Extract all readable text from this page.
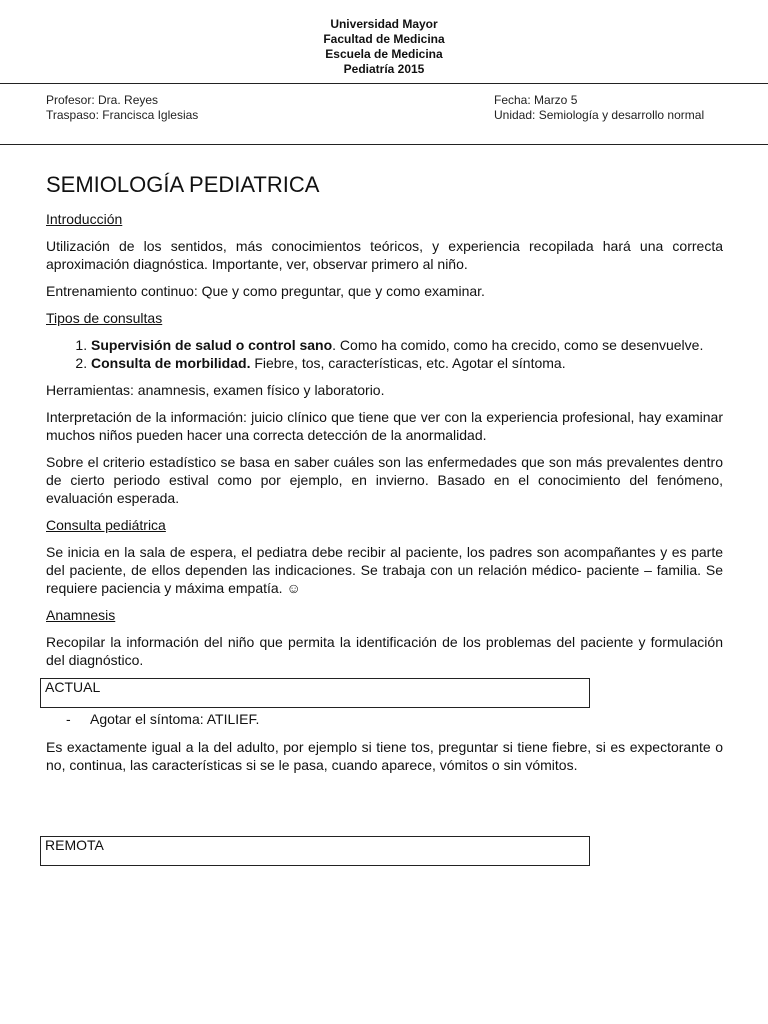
Universidad Mayor
Facultad de Medicina
Escuela de Medicina
Pediatría 2015
Profesor: Dra. Reyes
Traspaso: Francisca Iglesias
Fecha: Marzo 5
Unidad: Semiología y desarrollo normal
SEMIOLOGÍA PEDIATRICA
Introducción

Utilización de los sentidos, más conocimientos teóricos, y experiencia recopilada hará una correcta aproximación diagnóstica. Importante, ver, observar primero al niño.

Entrenamiento continuo: Que y como preguntar, que y como examinar.

Tipos de consultas
1. Supervisión de salud o control sano. Como ha comido, como ha crecido, como se desenvuelve.
2. Consulta de morbilidad. Fiebre, tos, características, etc. Agotar el síntoma.

Herramientas: anamnesis, examen físico y laboratorio.

Interpretación de la información: juicio clínico que tiene que ver con la experiencia profesional, hay examinar muchos niños pueden hacer una correcta detección de la anormalidad.

Sobre el criterio estadístico se basa en saber cuáles son las enfermedades que son más prevalentes dentro de cierto periodo estival como por ejemplo, en invierno. Basado en el conocimiento del fenómeno, evaluación esperada.

Consulta pediátrica

Se inicia en la sala de espera, el pediatra debe recibir al paciente, los padres son acompañantes y es parte del paciente, de ellos dependen las indicaciones. Se trabaja con un relación médico- paciente – familia. Se requiere paciencia y máxima empatía. ☺

Anamnesis

Recopilar la información del niño que permita la identificación de los problemas del paciente y formulación del diagnóstico.

ACTUAL
- Agotar el síntoma: ATILIEF.

Es exactamente igual a la del adulto, por ejemplo si tiene tos, preguntar si tiene fiebre, si es expectorante o no, continua, las características si se le pasa, cuando aparece, vómitos o sin vómitos.

REMOTA
